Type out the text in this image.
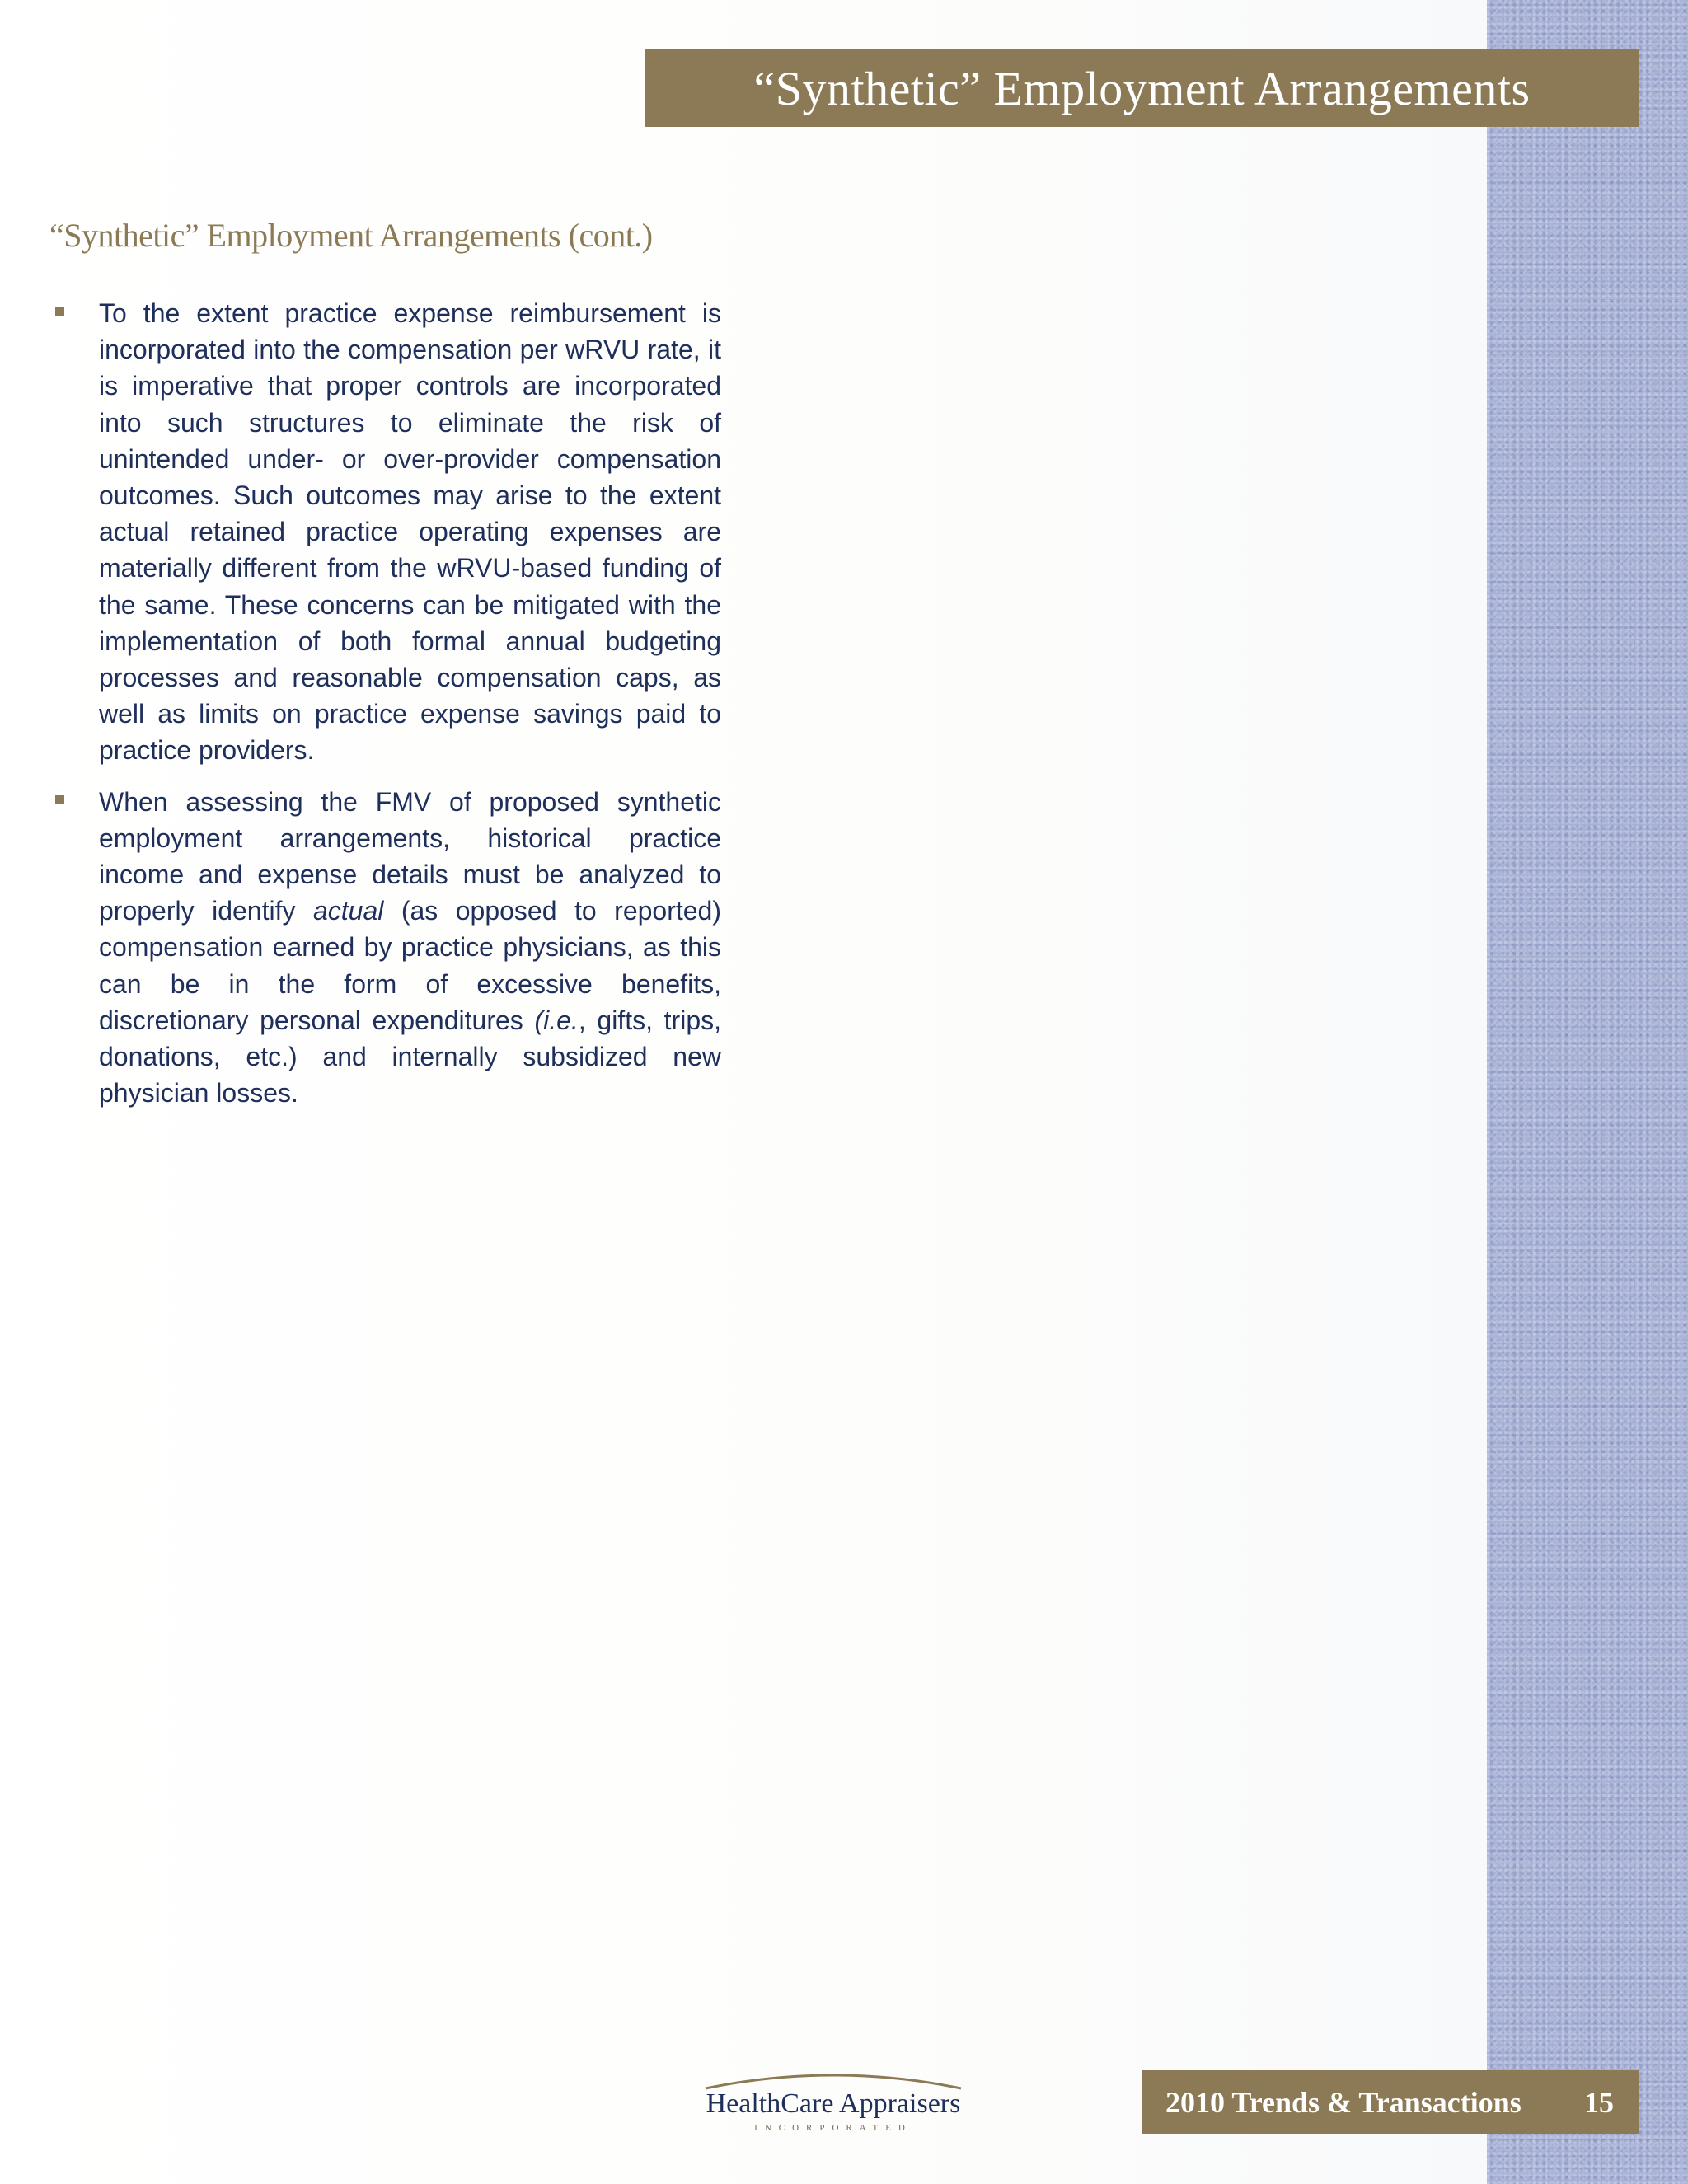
“Synthetic” Employment Arrangements
“Synthetic” Employment Arrangements (cont.)
To the extent practice expense reimbursement is incorporated into the compensation per wRVU rate, it is imperative that proper controls are incorporated into such structures to eliminate the risk of unintended under- or over-provider compensation outcomes. Such outcomes may arise to the extent actual retained practice operating expenses are materially different from the wRVU-based funding of the same. These concerns can be mitigated with the implementation of both formal annual budgeting processes and reasonable compensation caps, as well as limits on practice expense savings paid to practice providers.
When assessing the FMV of proposed synthetic employment arrangements, historical practice income and expense details must be analyzed to properly identify actual (as opposed to reported) compensation earned by practice physicians, as this can be in the form of excessive benefits, discretionary personal expenditures (i.e., gifts, trips, donations, etc.) and internally subsidized new physician losses.
HealthCare Appraisers
INCORPORATED
2010 Trends & Transactions 15
